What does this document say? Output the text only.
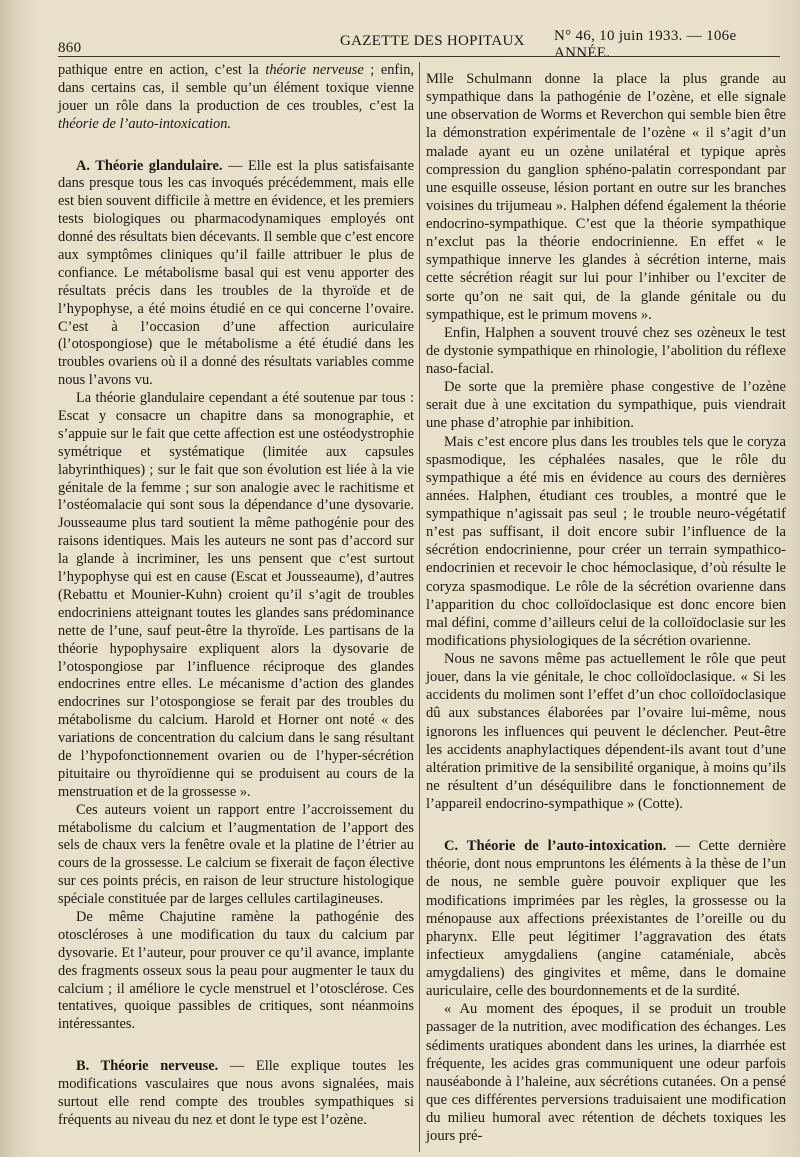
860	GAZETTE DES HOPITAUX N° 46, 10 juin 1933. — 106e ANNÉE.

pathique entre en action, c’est la théorie nerveuse ; enfin, dans certains cas, il semble qu’un élément toxique vienne jouer un rôle dans la production de ces troubles, c’est la théorie de l’auto-intoxication.

A. Théorie glandulaire. — Elle est la plus satisfaisante dans presque tous les cas invoqués précédemment, mais elle est bien souvent difficile à mettre en évidence, et les premiers tests biologiques ou pharmacodynamiques employés ont donné des résultats bien décevants. Il semble que c’est encore aux symptômes cliniques qu’il faille attribuer le plus de confiance. Le métabolisme basal qui est venu apporter des résultats précis dans les troubles de la thyroïde et de l’hypophyse, a été moins étudié en ce qui concerne l’ovaire. C’est à l’occasion d’une affection auriculaire (l’otospongiose) que le métabolisme a été étudié dans les troubles ovariens où il a donné des résultats variables comme nous l’avons vu.

La théorie glandulaire cependant a été soutenue par tous : Escat y consacre un chapitre dans sa monographie, et s’appuie sur le fait que cette affection est une ostéodystrophie symétrique et systématique (limitée aux capsules labyrinthiques) ; sur le fait que son évolution est liée à la vie génitale de la femme ; sur son analogie avec le rachitisme et l’ostéomalacie qui sont sous la dépendance d’une dysovarie. Jousseaume plus tard soutient la même pathogénie pour des raisons identiques. Mais les auteurs ne sont pas d’accord sur la glande à incriminer, les uns pensent que c’est surtout l’hypophyse qui est en cause (Escat et Jousseaume), d’autres (Rebattu et Mounier-Kuhn) croient qu’il s’agit de troubles endocriniens atteignant toutes les glandes sans prédominance nette de l’une, sauf peut-être la thyroïde. Les partisans de la théorie hypophysaire expliquent alors la dysovarie de l’otospongiose par l’influence réciproque des glandes endocrines entre elles. Le mécanisme d’action des glandes endocrines sur l’otospongiose se ferait par des troubles du métabolisme du calcium. Harold et Horner ont noté « des variations de concentration du calcium dans le sang résultant de l’hypofonctionnement ovarien ou de l’hyper-sécrétion pituitaire ou thyroïdienne qui se produisent au cours de la menstruation et de la grossesse ».

Ces auteurs voient un rapport entre l’accroissement du métabolisme du calcium et l’augmentation de l’apport des sels de chaux vers la fenêtre ovale et la platine de l’étrier au cours de la grossesse. Le calcium se fixerait de façon élective sur ces points précis, en raison de leur structure histologique spéciale constituée par de larges cellules cartilagineuses.

De même Chajutine ramène la pathogénie des otoscléroses à une modification du taux du calcium par dysovarie. Et l’auteur, pour prouver ce qu’il avance, implante des fragments osseux sous la peau pour augmenter le taux du calcium ; il améliore le cycle menstruel et l’otosclérose. Ces tentatives, quoique passibles de critiques, sont néanmoins intéressantes.

B. Théorie nerveuse. — Elle explique toutes les modifications vasculaires que nous avons signalées, mais surtout elle rend compte des troubles sympathiques si fréquents au niveau du nez et dont le type est l’ozène.

Mlle Schulmann donne la place la plus grande au sympathique dans la pathogénie de l’ozène, et elle signale une observation de Worms et Reverchon qui semble bien être la démonstration expérimentale de l’ozène « il s’agit d’un malade ayant eu un ozène unilatéral et typique après compression du ganglion sphéno-palatin correspondant par une esquille osseuse, lésion portant en outre sur les branches voisines du trijumeau ». Halphen défend également la théorie endocrino-sympathique. C’est que la théorie sympathique n’exclut pas la théorie endocrinienne. En effet « le sympathique innerve les glandes à sécrétion interne, mais cette sécrétion réagit sur lui pour l’inhiber ou l’exciter de sorte qu’on ne sait qui, de la glande génitale ou du sympathique, est le primum movens ».

Enfin, Halphen a souvent trouvé chez ses ozèneux le test de dystonie sympathique en rhinologie, l’abolition du réflexe naso-facial.

De sorte que la première phase congestive de l’ozène serait due à une excitation du sympathique, puis viendrait une phase d’atrophie par inhibition.

Mais c’est encore plus dans les troubles tels que le coryza spasmodique, les céphalées nasales, que le rôle du sympathique a été mis en évidence au cours des dernières années. Halphen, étudiant ces troubles, a montré que le sympathique n’agissait pas seul ; le trouble neuro-végétatif n’est pas suffisant, il doit encore subir l’influence de la sécrétion endocrinienne, pour créer un terrain sympathico-endocrinien et recevoir le choc hémoclasique, d’où résulte le coryza spasmodique. Le rôle de la sécrétion ovarienne dans l’apparition du choc colloïdoclasique est donc encore bien mal défini, comme d’ailleurs celui de la colloïdoclasie sur les modifications physiologiques de la sécrétion ovarienne.

Nous ne savons même pas actuellement le rôle que peut jouer, dans la vie génitale, le choc colloïdoclasique. « Si les accidents du molimen sont l’effet d’un choc colloïdoclasique dû aux substances élaborées par l’ovaire lui-même, nous ignorons les influences qui peuvent le déclencher. Peut-être les accidents anaphylactiques dépendent-ils avant tout d’une altération primitive de la sensibilité organique, à moins qu’ils ne résultent d’un déséquilibre dans le fonctionnement de l’appareil endocrino-sympathique » (Cotte).

C. Théorie de l’auto-intoxication. — Cette dernière théorie, dont nous empruntons les éléments à la thèse de l’un de nous, ne semble guère pouvoir expliquer que les modifications imprimées par les règles, la grossesse ou la ménopause aux affections préexistantes de l’oreille ou du pharynx. Elle peut légitimer l’aggravation des états infectieux amygdaliens (angine cataméniale, abcès amygdaliens) des gingivites et même, dans le domaine auriculaire, celle des bourdonnements et de la surdité.

« Au moment des époques, il se produit un trouble passager de la nutrition, avec modification des échanges. Les sédiments uratiques abondent dans les urines, la diarrhée est fréquente, les acides gras communiquent une odeur parfois nauséabonde à l’haleine, aux sécrétions cutanées. On a pensé que ces différentes perversions traduisaient une modification du milieu humoral avec rétention de déchets toxiques les jours pré-
